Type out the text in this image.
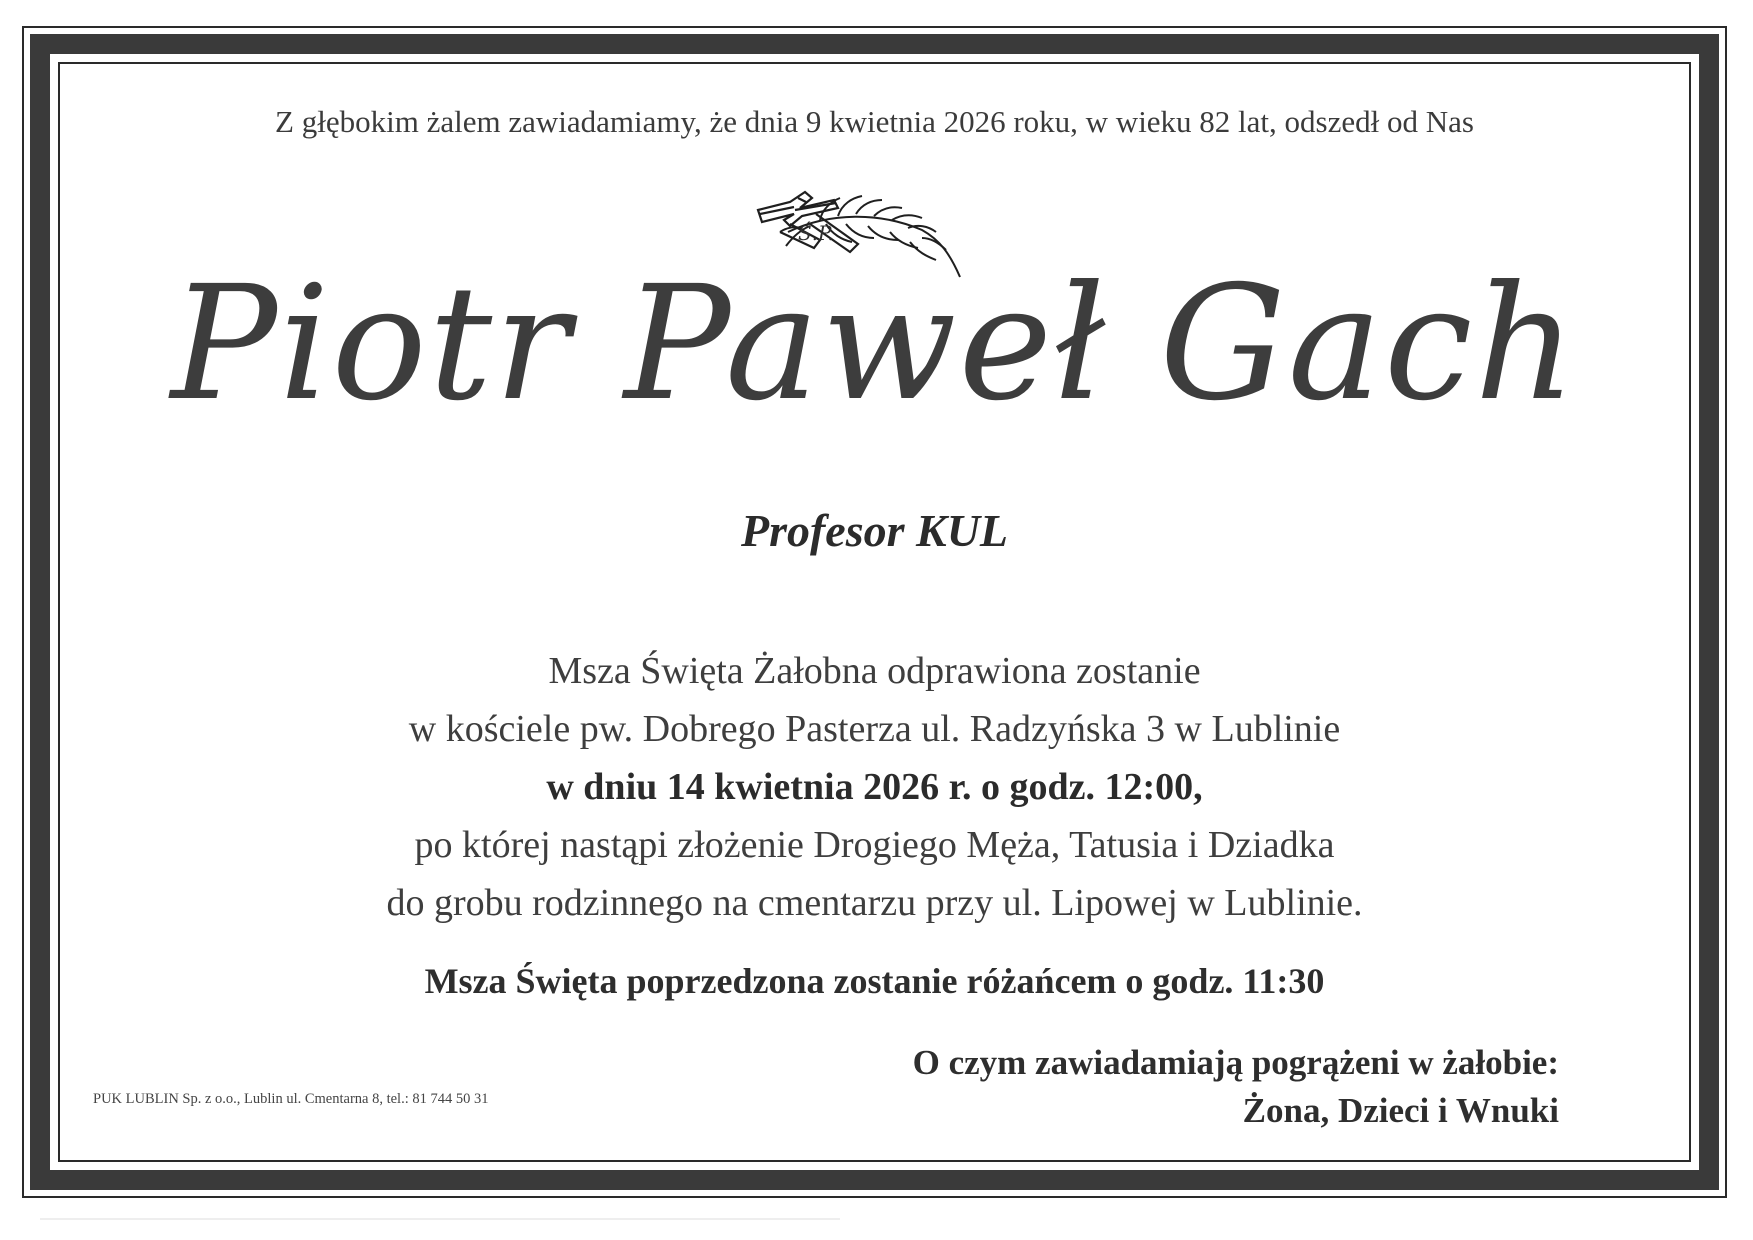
Z głębokim żalem zawiadamiamy, że dnia 9 kwietnia 2026 roku, w wieku 82 lat, odszedł od Nas
Ś.P.
Piotr Paweł Gach
Profesor KUL
Msza Święta Żałobna odprawiona zostanie
w kościele pw. Dobrego Pasterza ul. Radzyńska 3 w Lublinie
w dniu 14 kwietnia 2026 r. o godz. 12:00,
po której nastąpi złożenie Drogiego Męża, Tatusia i Dziadka
do grobu rodzinnego na cmentarzu przy ul. Lipowej w Lublinie.
Msza Święta poprzedzona zostanie różańcem o godz. 11:30
O czym zawiadamiają pogrążeni w żałobie:
Żona, Dzieci i Wnuki
PUK LUBLIN Sp. z o.o., Lublin ul. Cmentarna 8, tel.: 81 744 50 31
